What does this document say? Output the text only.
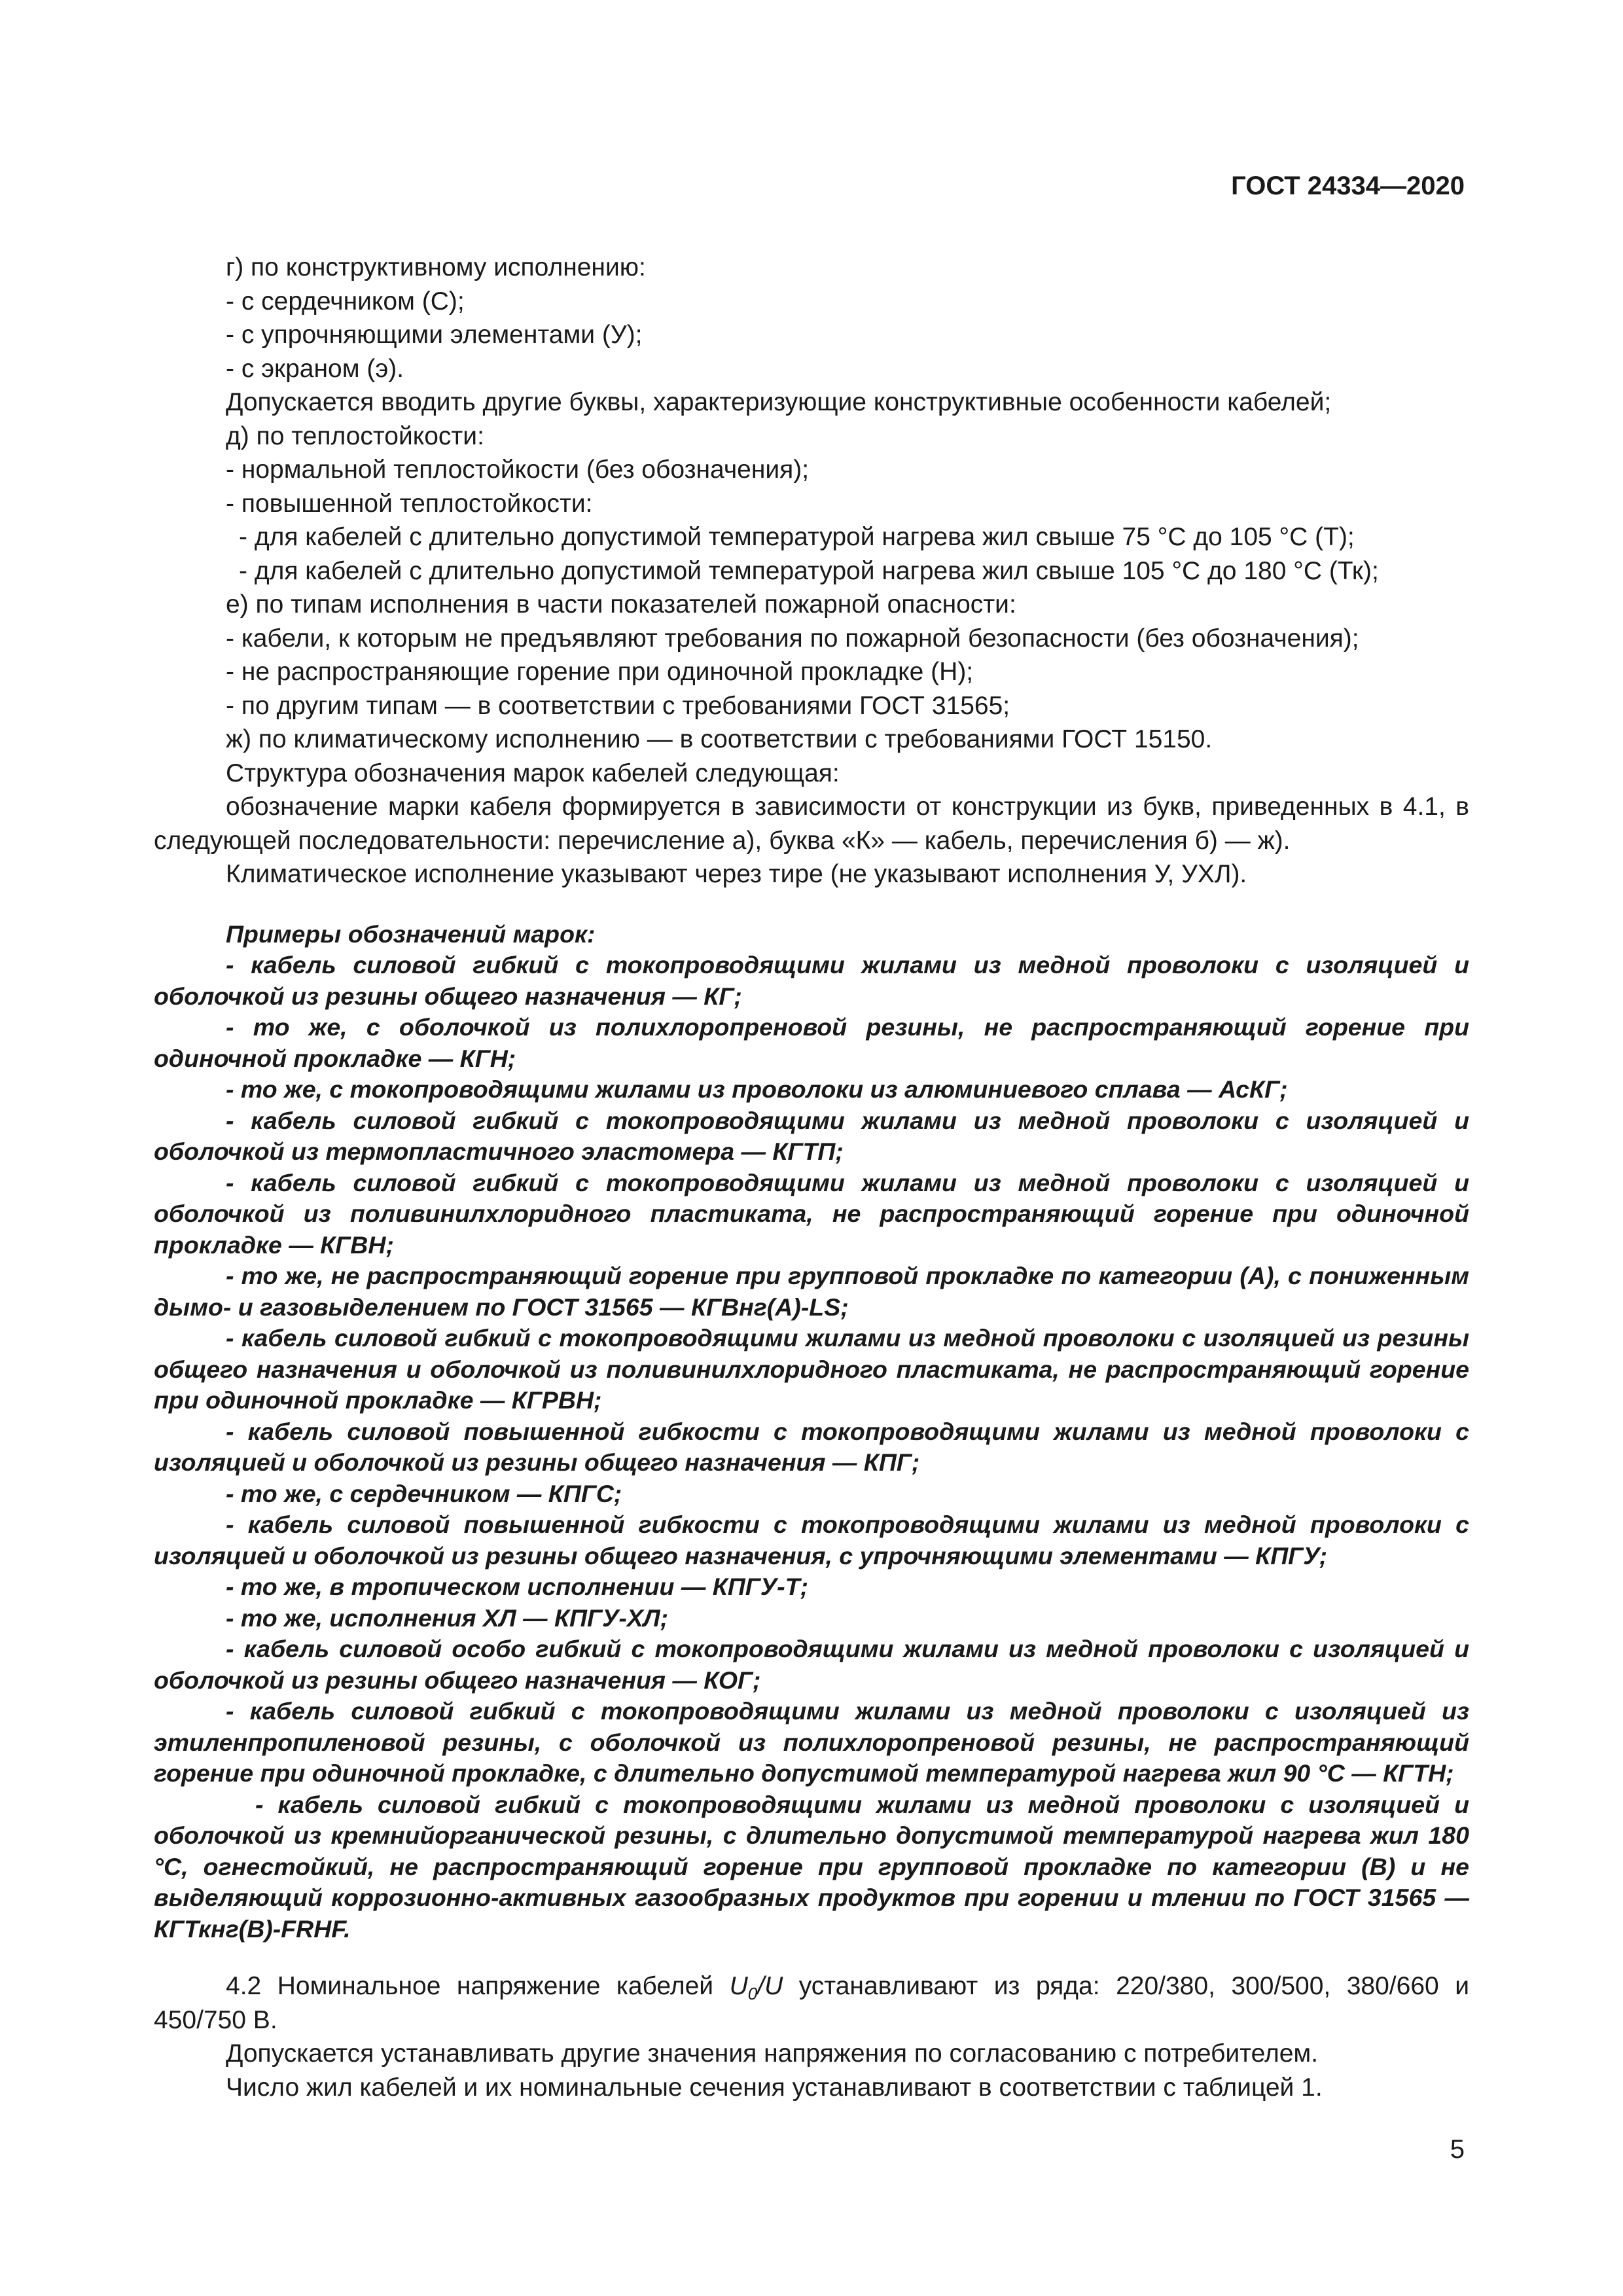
ГОСТ 24334—2020

г) по конструктивному исполнению:

- с сердечником (С);

- с упрочняющими элементами (У);

- с экраном (э).

Допускается вводить другие буквы, характеризующие конструктивные особенности кабелей;

д) по теплостойкости:

- нормальной теплостойкости (без обозначения);

- повышенной теплостойкости:

- для кабелей с длительно допустимой температурой нагрева жил свыше 75 °С до 105 °С (Т);

- для кабелей с длительно допустимой температурой нагрева жил свыше 105 °С до 180 °С (Тк);

е) по типам исполнения в части показателей пожарной опасности:

- кабели, к которым не предъявляют требования по пожарной безопасности (без обозначения);

- не распространяющие горение при одиночной прокладке (Н);

- по другим типам — в соответствии с требованиями ГОСТ 31565;

ж) по климатическому исполнению — в соответствии с требованиями ГОСТ 15150.

Структура обозначения марок кабелей следующая:

обозначение марки кабеля формируется в зависимости от конструкции из букв, приведенных в 4.1, в следующей последовательности: перечисление а), буква «К» — кабель, перечисления б) — ж).

Климатическое исполнение указывают через тире (не указывают исполнения У, УХЛ).

Примеры обозначений марок:

- кабель силовой гибкий с токопроводящими жилами из медной проволоки с изоляцией и оболочкой из резины общего назначения — КГ;

- то же, с оболочкой из полихлоропреновой резины, не распространяющий горение при одиночной прокладке — КГН;

- то же, с токопроводящими жилами из проволоки из алюминиевого сплава — АсКГ;

- кабель силовой гибкий с токопроводящими жилами из медной проволоки с изоляцией и оболочкой из термопластичного эластомера — КГТП;

- кабель силовой гибкий с токопроводящими жилами из медной проволоки с изоляцией и оболочкой из поливинилхлоридного пластиката, не распространяющий горение при одиночной прокладке — КГВН;

- то же, не распространяющий горение при групповой прокладке по категории (А), с пониженным дымо- и газовыделением по ГОСТ 31565 — КГВнг(А)-LS;

- кабель силовой гибкий с токопроводящими жилами из медной проволоки с изоляцией из резины общего назначения и оболочкой из поливинилхлоридного пластиката, не распространяющий горение при одиночной прокладке — КГРВН;

- кабель силовой повышенной гибкости с токопроводящими жилами из медной проволоки с изоляцией и оболочкой из резины общего назначения — КПГ;

- то же, с сердечником — КПГС;

- кабель силовой повышенной гибкости с токопроводящими жилами из медной проволоки с изоляцией и оболочкой из резины общего назначения, с упрочняющими элементами — КПГУ;

- то же, в тропическом исполнении — КПГУ-Т;

- то же, исполнения ХЛ — КПГУ-ХЛ;

- кабель силовой особо гибкий с токопроводящими жилами из медной проволоки с изоляцией и оболочкой из резины общего назначения — КОГ;

- кабель силовой гибкий с токопроводящими жилами из медной проволоки с изоляцией из этиленпропиленовой резины, с оболочкой из полихлоропреновой резины, не распространяющий горение при одиночной прокладке, с длительно допустимой температурой нагрева жил 90 °С — КГТН;

- кабель силовой гибкий с токопроводящими жилами из медной проволоки с изоляцией и оболочкой из кремнийорганической резины, с длительно допустимой температурой нагрева жил 180 °С, огнестойкий, не распространяющий горение при групповой прокладке по категории (В) и не выделяющий коррозионно-активных газообразных продуктов при горении и тлении по ГОСТ 31565 — КГТкнг(В)-FRHF.

4.2 Номинальное напряжение кабелей $U_0/U$ устанавливают из ряда: 220/380, 300/500, 380/660 и 450/750 В.

Допускается устанавливать другие значения напряжения по согласованию с потребителем.

Число жил кабелей и их номинальные сечения устанавливают в соответствии с таблицей 1.

5
